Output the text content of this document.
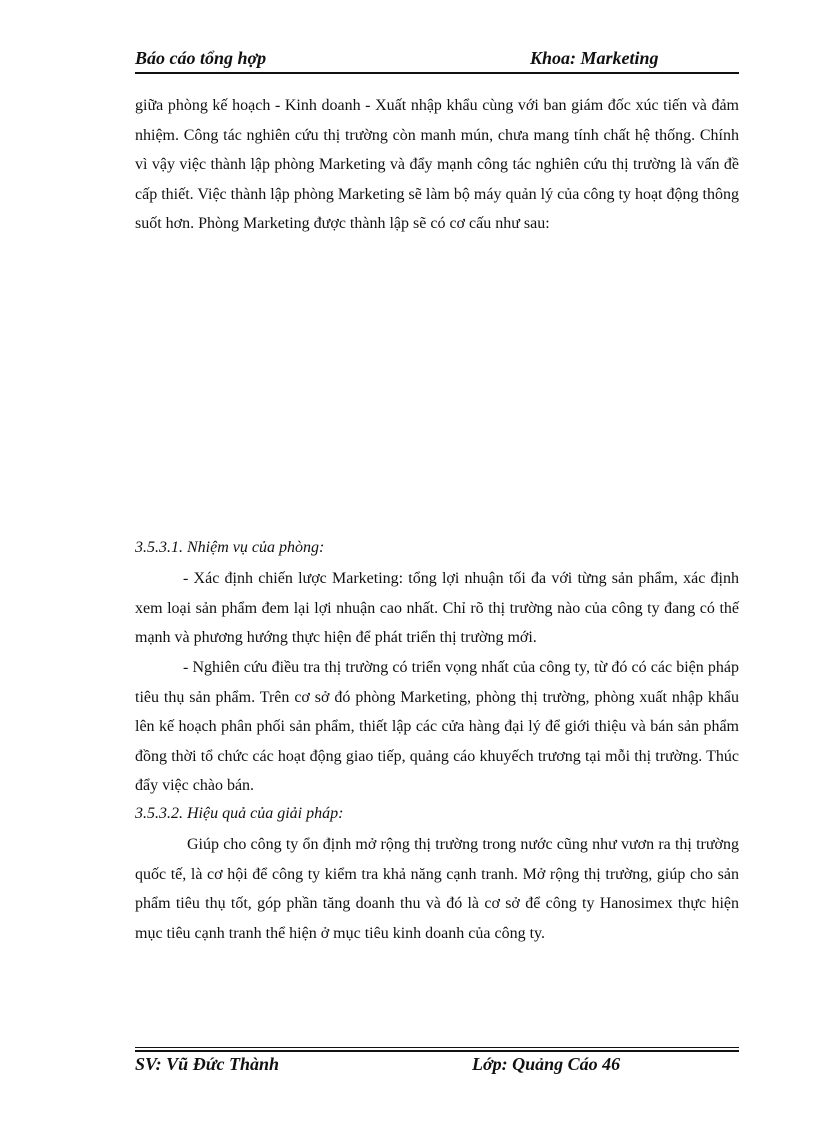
Báo cáo tổng hợp	Khoa: Marketing

giữa phòng kế hoạch - Kinh doanh - Xuất nhập khẩu cùng với ban giám đốc xúc tiến và đảm nhiệm. Công tác nghiên cứu thị trường còn manh mún, chưa mang tính chất hệ thống. Chính vì vậy việc thành lập phòng Marketing và đẩy mạnh công tác nghiên cứu thị trường là vấn đề cấp thiết. Việc thành lập phòng Marketing sẽ làm bộ máy quản lý của công ty hoạt động thông suốt hơn. Phòng Marketing được thành lập sẽ có cơ cấu như sau:

3.5.3.1. Nhiệm vụ của phòng:

- Xác định chiến lược Marketing: tổng lợi nhuận tối đa với từng sản phẩm, xác định xem loại sản phẩm đem lại lợi nhuận cao nhất. Chỉ rõ thị trường nào của công ty đang có thế mạnh và phương hướng thực hiện để phát triển thị trường mới.

- Nghiên cứu điều tra thị trường có triển vọng nhất của công ty, từ đó có các biện pháp tiêu thụ sản phẩm. Trên cơ sở đó phòng Marketing, phòng thị trường, phòng xuất nhập khẩu lên kế hoạch phân phối sản phẩm, thiết lập các cửa hàng đại lý để giới thiệu và bán sản phẩm đồng thời tổ chức các hoạt động giao tiếp, quảng cáo khuyếch trương tại mỗi thị trường. Thúc đẩy việc chào bán.

3.5.3.2. Hiệu quả của giải pháp:

Giúp cho công ty ổn định mở rộng thị trường trong nước cũng như vươn ra thị trường quốc tế, là cơ hội để công ty kiểm tra khả năng cạnh tranh. Mở rộng thị trường, giúp cho sản phẩm tiêu thụ tốt, góp phần tăng doanh thu và đó là cơ sở để công ty Hanosimex thực hiện mục tiêu cạnh tranh thể hiện ở mục tiêu kinh doanh của công ty.

SV: Vũ Đức Thành	Lớp: Quảng Cáo 46
